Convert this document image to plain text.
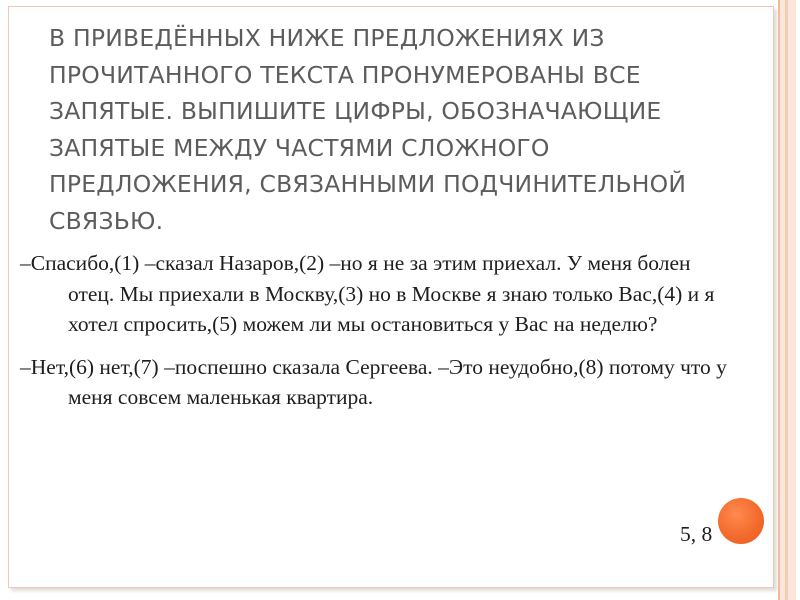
В ПРИВЕДЁННЫХ НИЖЕ ПРЕДЛОЖЕНИЯХ ИЗ ПРОЧИТАННОГО ТЕКСТА ПРОНУМЕРОВАНЫ ВСЕ ЗАПЯТЫЕ. ВЫПИШИТЕ ЦИФРЫ, ОБОЗНАЧАЮЩИЕ ЗАПЯТЫЕ МЕЖДУ ЧАСТЯМИ СЛОЖНОГО ПРЕДЛОЖЕНИЯ, СВЯЗАННЫМИ ПОДЧИНИТЕЛЬНОЙ СВЯЗЬЮ.

–Спасибо,(1) –сказал Назаров,(2) –но я не за этим приехал. У меня болен отец. Мы приехали в Москву,(3) но в Москве я знаю только Вас,(4) и я хотел спросить,(5) можем ли мы остановиться у Вас на неделю?

–Нет,(6) нет,(7) –поспешно сказала Сергеева. –Это неудобно,(8) потому что у меня совсем маленькая квартира.

5, 8
